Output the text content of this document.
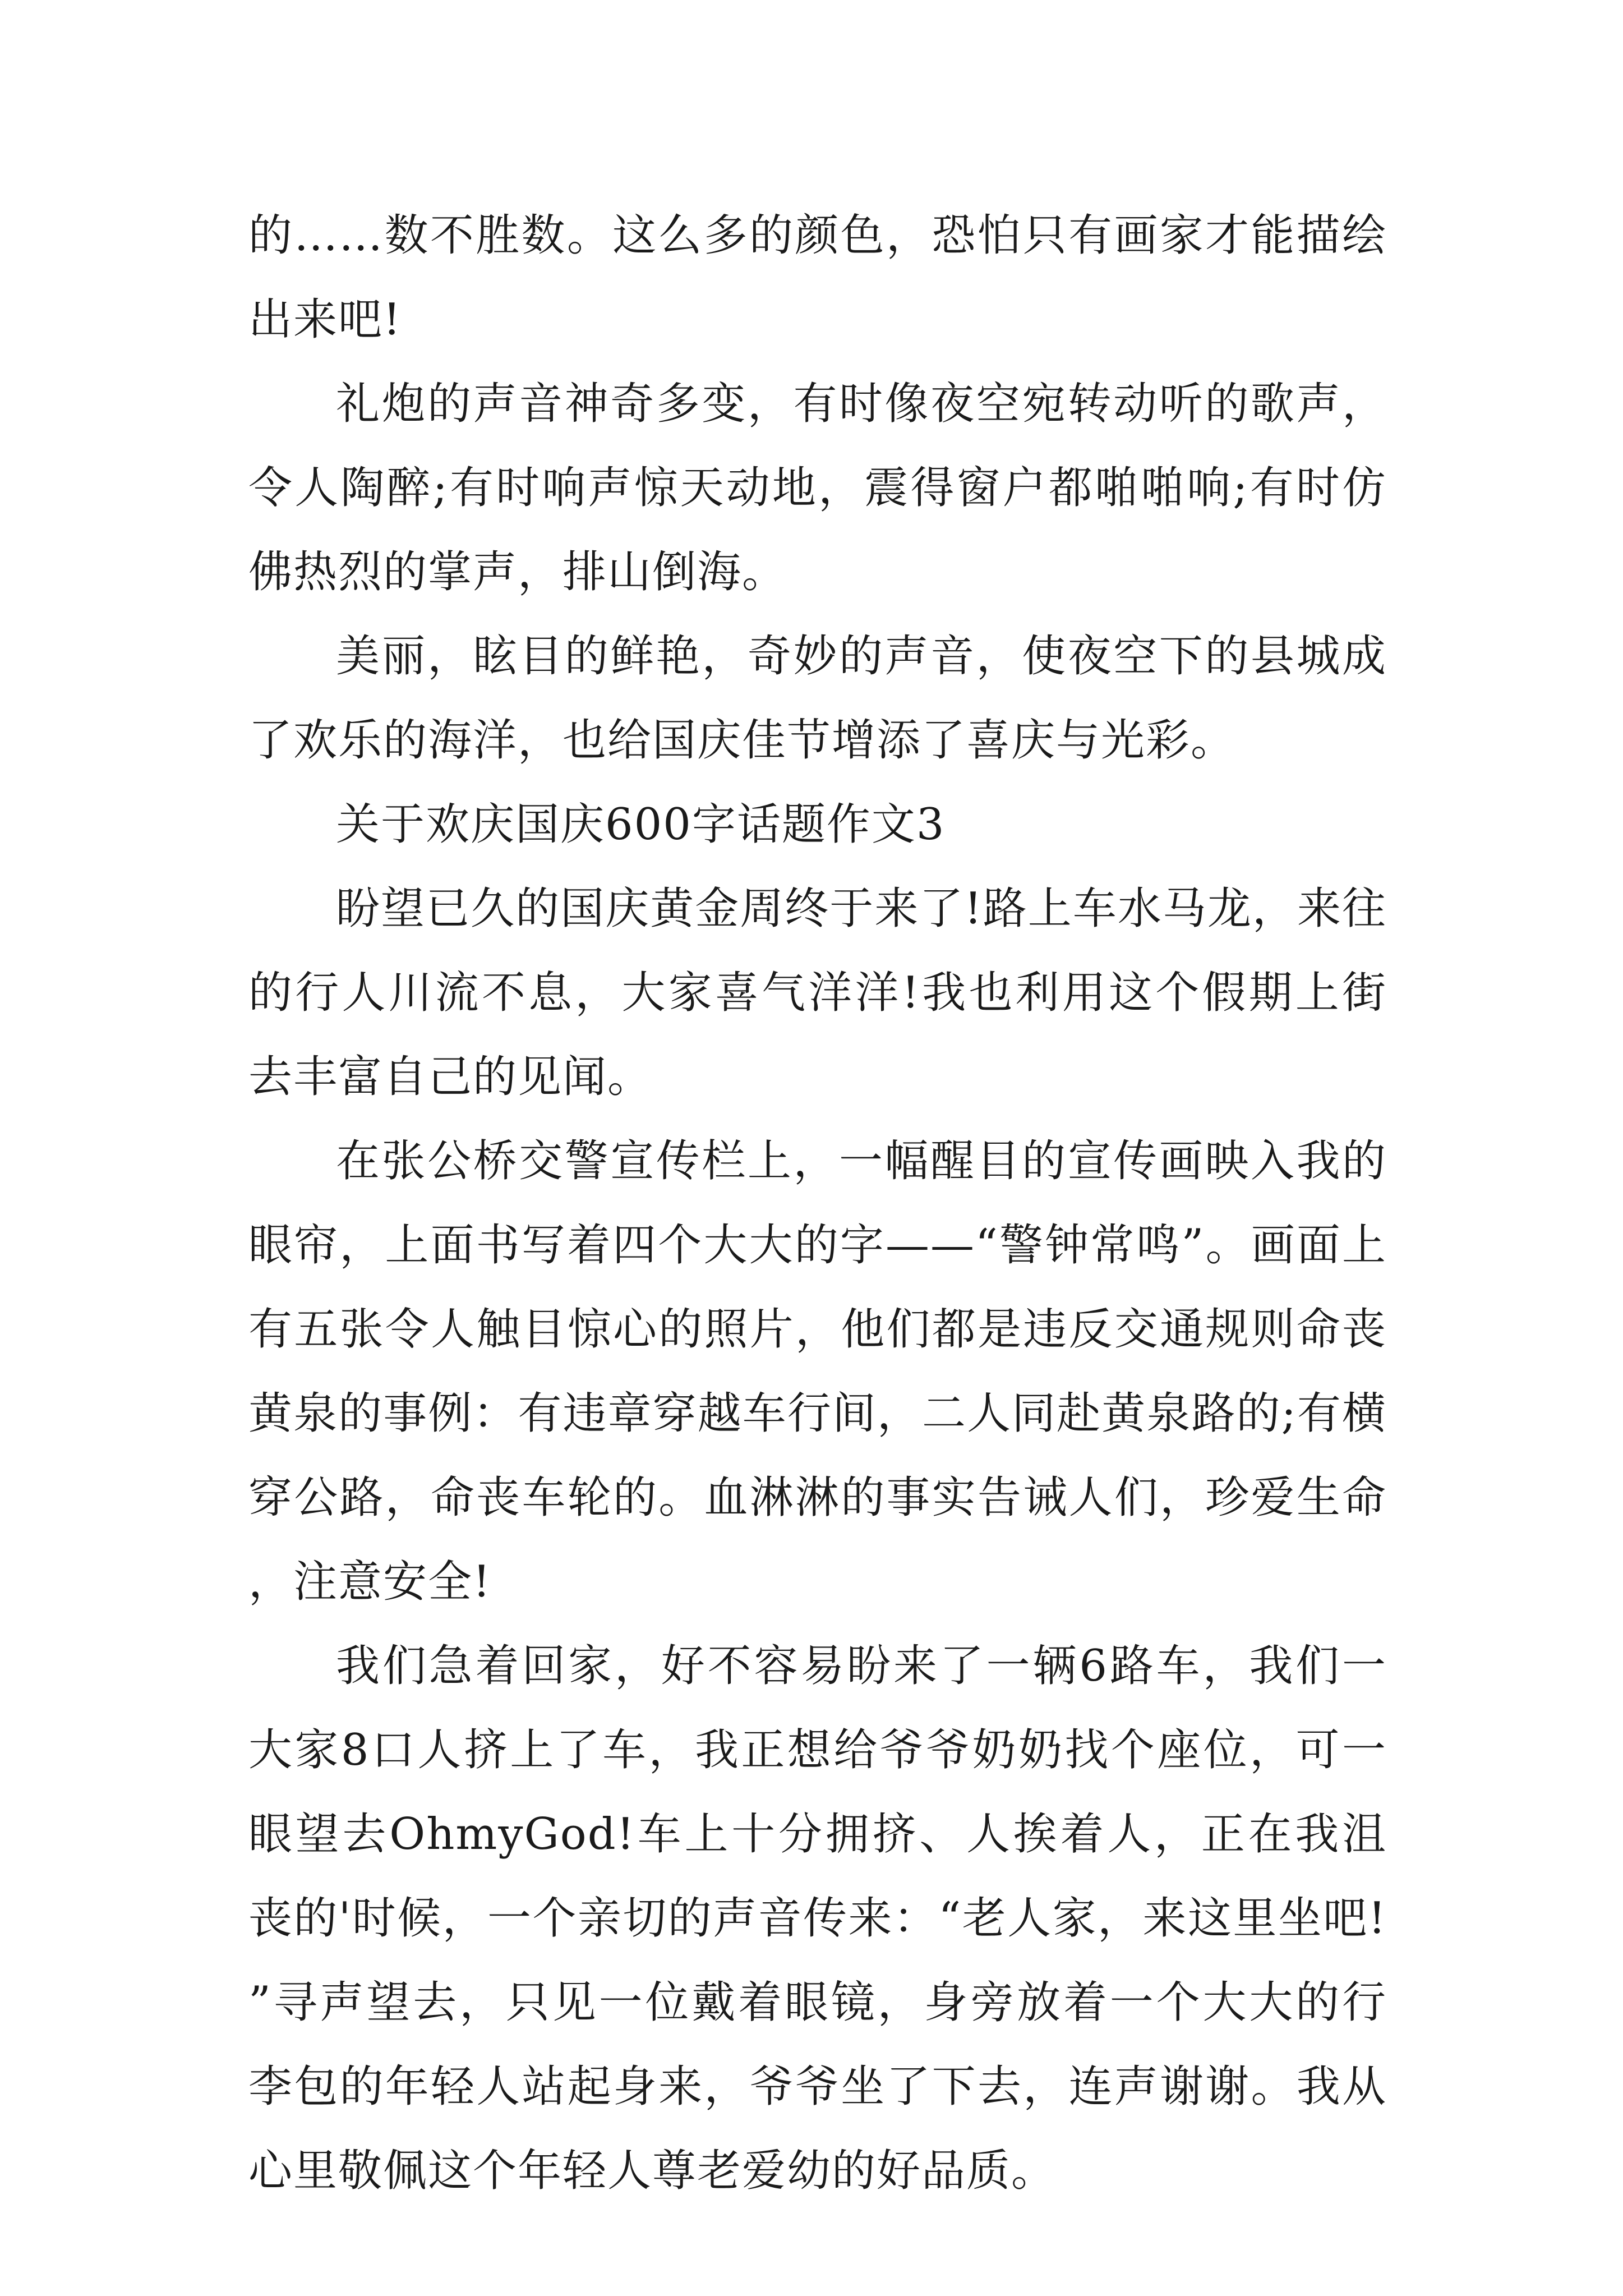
的……数不胜数。这么多的颜色，恐怕只有画家才能描绘出来吧!

礼炮的声音神奇多变，有时像夜空宛转动听的歌声，令人陶醉;有时响声惊天动地，震得窗户都啪啪响;有时仿佛热烈的掌声，排山倒海。

美丽，眩目的鲜艳，奇妙的声音，使夜空下的县城成了欢乐的海洋，也给国庆佳节增添了喜庆与光彩。

关于欢庆国庆600字话题作文3

盼望已久的国庆黄金周终于来了!路上车水马龙，来往的行人川流不息，大家喜气洋洋!我也利用这个假期上街去丰富自己的见闻。

在张公桥交警宣传栏上，一幅醒目的宣传画映入我的眼帘，上面书写着四个大大的字——“警钟常鸣”。画面上有五张令人触目惊心的照片，他们都是违反交通规则命丧黄泉的事例：有违章穿越车行间，二人同赴黄泉路的;有横穿公路，命丧车轮的。血淋淋的事实告诫人们，珍爱生命，注意安全!

我们急着回家，好不容易盼来了一辆6路车，我们一大家8口人挤上了车，我正想给爷爷奶奶找个座位，可一眼望去OhmyGod!车上十分拥挤、人挨着人，正在我沮丧的'时候，一个亲切的声音传来：“老人家，来这里坐吧!”寻声望去，只见一位戴着眼镜，身旁放着一个大大的行李包的年轻人站起身来，爷爷坐了下去，连声谢谢。我从心里敬佩这个年轻人尊老爱幼的好品质。
